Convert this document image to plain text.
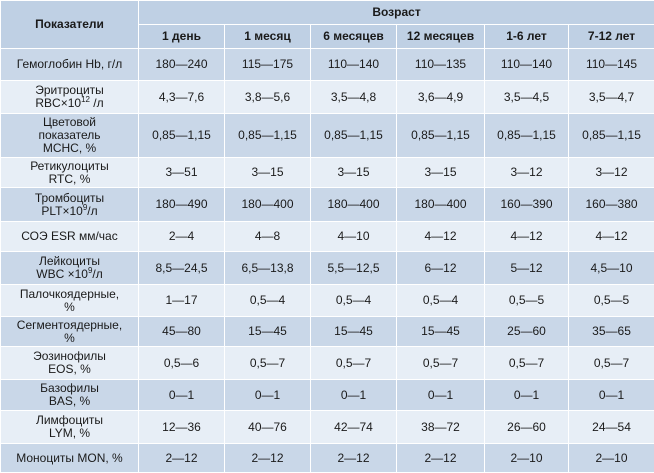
Показатели	Возраст					
	1 день	1 месяц	6 месяцев	12 месяцев	1-6 лет	7-12 лет
Гемоглобин Hb, г/л	180—240	115—175	110—140	110—135	110—140	110—145
Эритроциты
$RBC\times 10^{12}$ /л	4,3—7,6	3,8—5,6	3,5—4,8	3,6—4,9	3,5—4,5	3,5—4,7
Цветовой
показатель
MCHC, %	0,85—1,15	0,85—1,15	0,85—1,15	0,85—1,15	0,85—1,15	0,85—1,15
Ретикулоциты
RTC, %	3—51	3—15	3—15	3—15	3—12	3—12
Тромбоциты
$PLT\times 10^9/л$	180—490	180—400	180—400	180—400	160—390	160—380
СОЭ ESR мм/час	2—4	4—8	4—10	4—12	4—12	4—12
Лейкоциты
WBC $\times 10^9/л$	8,5—24,5	6,5—13,8	5,5—12,5	6—12	5—12	4,5—10
Палочкоядерные,
%	1—17	0,5—4	0,5—4	0,5—4	0,5—5	0,5—5
Сегментоядерные,
%	45—80	15—45	15—45	15—45	25—60	35—65
Эозинофилы
EOS, %	0,5—6	0,5—7	0,5—7	0,5—7	0,5—7	0,5—7
Базофилы
BAS, %	0—1	0—1	0—1	0—1	0—1	0—1
Лимфоциты
LYM, %	12—36	40—76	42—74	38—72	26—60	24—54
Моноциты MON, %	2—12	2—12	2—12	2—12	2—10	2—10
